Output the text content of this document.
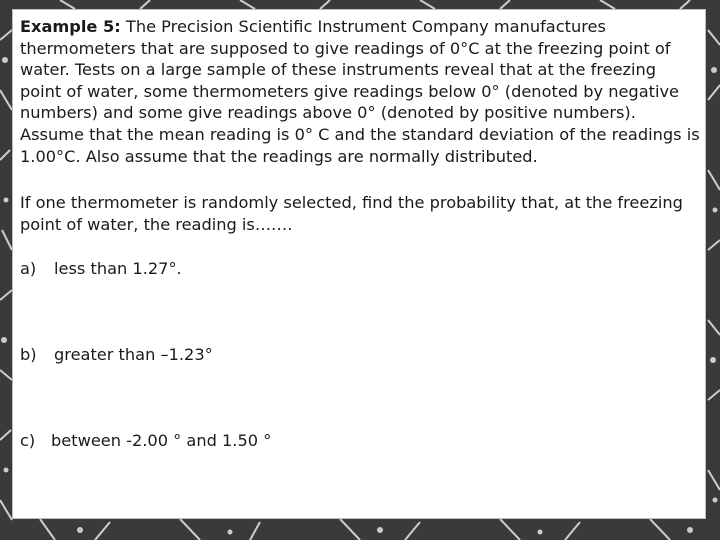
Example 5: The Precision Scientific Instrument Company manufactures thermometers that are supposed to give readings of 0°C at the freezing point of water. Tests on a large sample of these instruments reveal that at the freezing point of water, some thermometers give readings below 0° (denoted by negative numbers) and some give readings above 0° (denoted by positive numbers). Assume that the mean reading is 0° C and the standard deviation of the readings is 1.00°C. Also assume that the readings are normally distributed.

If one thermometer is randomly selected, find the probability that, at the freezing point of water, the reading is…….

a) less than 1.27°.
b) greater than –1.23°
c) between -2.00 ° and 1.50 °
